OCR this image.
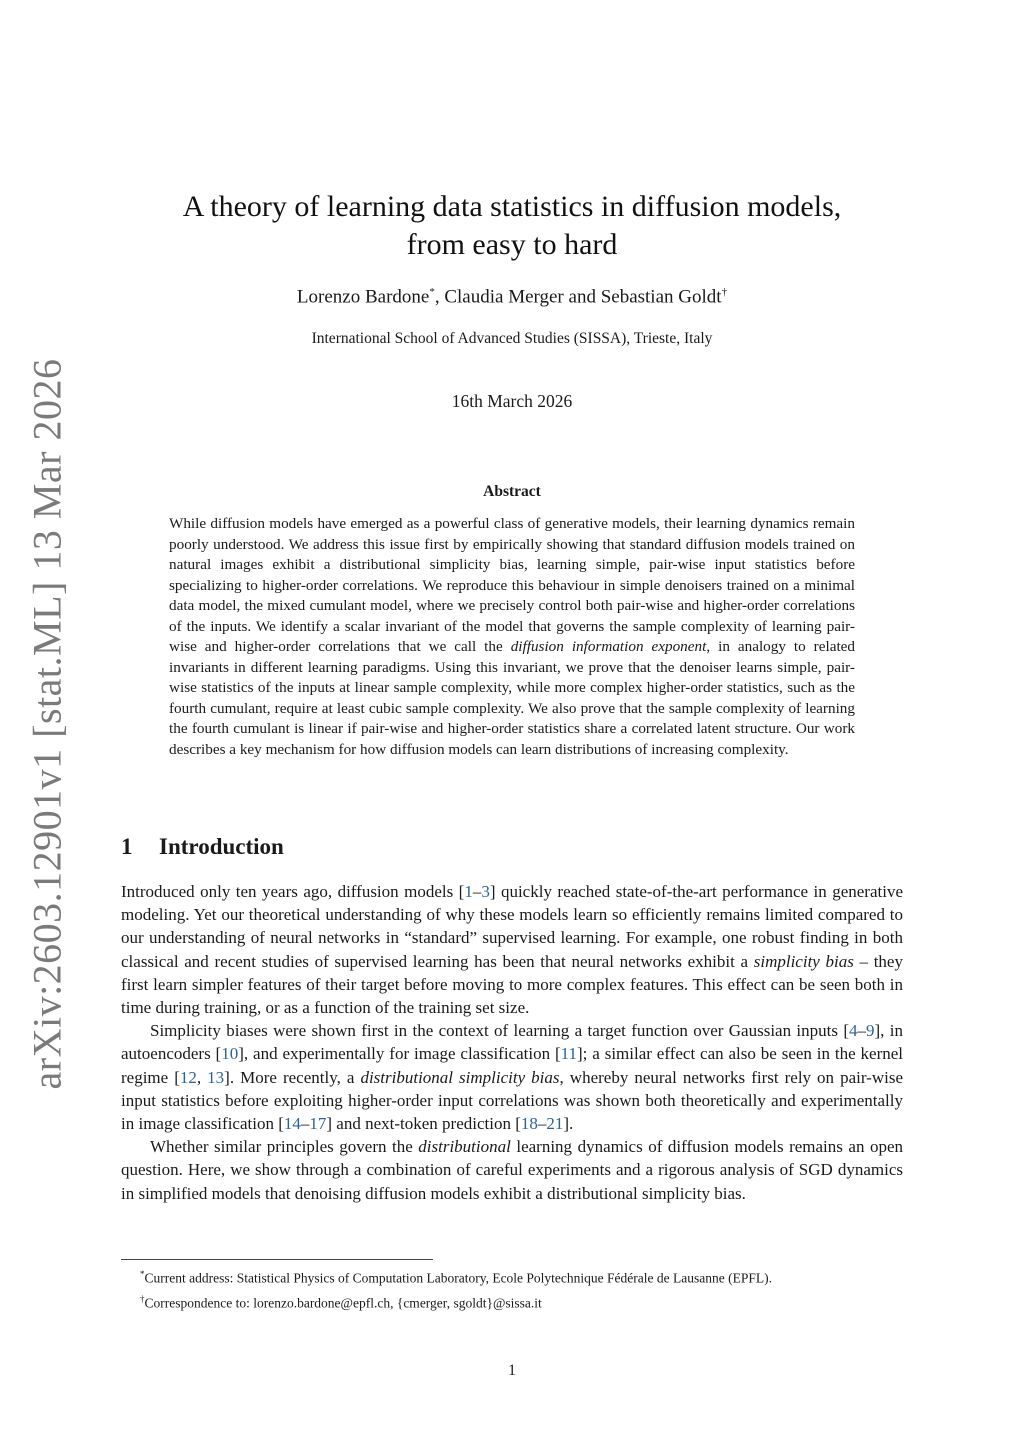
arXiv:2603.12901v1 [stat.ML] 13 Mar 2026
A theory of learning data statistics in diffusion models,
from easy to hard
Lorenzo Bardone*, Claudia Merger and Sebastian Goldt†
International School of Advanced Studies (SISSA), Trieste, Italy
16th March 2026
Abstract

While diffusion models have emerged as a powerful class of generative models, their learning dynamics remain poorly understood. We address this issue first by empirically showing that standard diffusion models trained on natural images exhibit a distributional simplicity bias, learning simple, pair-wise input statistics before specializing to higher-order correlations. We reproduce this behaviour in simple denoisers trained on a minimal data model, the mixed cumulant model, where we precisely control both pair-wise and higher-order correlations of the inputs. We identify a scalar invariant of the model that governs the sample complexity of learning pair-wise and higher-order correlations that we call the diffusion information exponent, in analogy to related invariants in different learning paradigms. Using this invariant, we prove that the denoiser learns simple, pair-wise statistics of the inputs at linear sample complexity, while more complex higher-order statistics, such as the fourth cumulant, require at least cubic sample complexity. We also prove that the sample complexity of learning the fourth cumulant is linear if pair-wise and higher-order statistics share a correlated latent structure. Our work describes a key mechanism for how diffusion models can learn distributions of increasing complexity.

1 Introduction

Introduced only ten years ago, diffusion models [1–3] quickly reached state-of-the-art performance in generative modeling. Yet our theoretical understanding of why these models learn so efficiently remains limited compared to our understanding of neural networks in “standard” supervised learning. For example, one robust finding in both classical and recent studies of supervised learning has been that neural networks exhibit a simplicity bias – they first learn simpler features of their target before moving to more complex features. This effect can be seen both in time during training, or as a function of the training set size.

Simplicity biases were shown first in the context of learning a target function over Gaussian inputs [4–9], in autoencoders [10], and experimentally for image classification [11]; a similar effect can also be seen in the kernel regime [12, 13]. More recently, a distributional simplicity bias, whereby neural networks first rely on pair-wise input statistics before exploiting higher-order input correlations was shown both theoretically and experimentally in image classification [14–17] and next-token prediction [18–21].

Whether similar principles govern the distributional learning dynamics of diffusion models remains an open question. Here, we show through a combination of careful experiments and a rigorous analysis of SGD dynamics in simplified models that denoising diffusion models exhibit a distributional simplicity bias.

*Current address: Statistical Physics of Computation Laboratory, Ecole Polytechnique Fédérale de Lausanne (EPFL).
†Correspondence to: lorenzo.bardone@epfl.ch, {cmerger, sgoldt}@sissa.it
1
